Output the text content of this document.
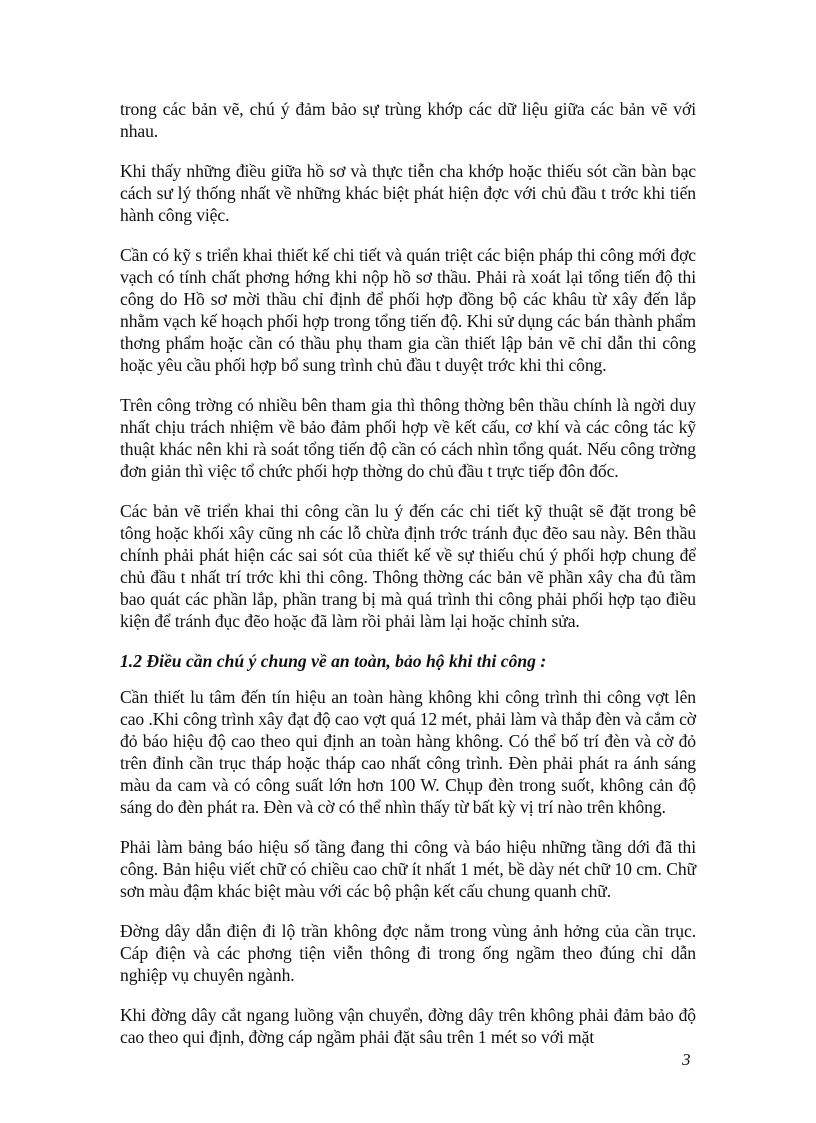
trong các bản vẽ, chú ý đảm bảo sự trùng khớp các dữ liệu giữa các bản vẽ với nhau.

Khi thấy những điều giữa hồ sơ và thực tiễn cha khớp hoặc thiếu sót cần bàn bạc cách sư lý thống nhất về những khác biệt phát hiện đợc với chủ đầu t trớc khi tiến hành công việc.

Cần có kỹ s triển khai thiết kế chi tiết và quán triệt các biện pháp thi công mới đợc vạch có tính chất phơng hớng khi nộp hồ sơ thầu. Phải rà xoát lại tổng tiến độ thi công do Hồ sơ mời thầu chỉ định để phối hợp đồng bộ các khâu từ xây đến lắp nhằm vạch kế hoạch phối hợp trong tổng tiến độ. Khi sử dụng các bán thành phẩm thơng phẩm hoặc cần có thầu phụ tham gia cần thiết lập bản vẽ chỉ dẫn thi công hoặc yêu cầu phối hợp bổ sung trình chủ đầu t duyệt trớc khi thi công.

Trên công trờng có nhiều bên tham gia thì thông thờng bên thầu chính là ngời duy nhất chịu trách nhiệm về bảo đảm phối hợp về kết cấu, cơ khí và các công tác kỹ thuật khác nên khi rà soát tổng tiến độ cần có cách nhìn tổng quát. Nếu công trờng đơn giản thì việc tổ chức phối hợp thờng do chủ đầu t trực tiếp đôn đốc.

Các bản vẽ triển khai thi công cần lu ý đến các chi tiết kỹ thuật sẽ đặt trong bê tông hoặc khối xây cũng nh các lỗ chừa định trớc tránh đục đẽo sau này. Bên thầu chính phải phát hiện các sai sót của thiết kế về sự thiếu chú ý phối hợp chung để chủ đầu t nhất trí trớc khi thi công. Thông thờng các bản vẽ phần xây cha đủ tầm bao quát các phần lắp, phần trang bị mà quá trình thi công phải phối hợp tạo điều kiện để tránh đục đẽo hoặc đã làm rồi phải làm lại hoặc chỉnh sửa.

1.2 Điều cần chú ý chung về an toàn, bảo hộ khi thi công :

Cần thiết lu tâm đến tín hiệu an toàn hàng không khi công trình thi công vợt lên cao .Khi công trình xây đạt độ cao vợt quá 12 mét, phải làm và thắp đèn và cắm cờ đỏ báo hiệu độ cao theo qui định an toàn hàng không. Có thể bố trí đèn và cờ đỏ trên đỉnh cần trục tháp hoặc tháp cao nhất công trình. Đèn phải phát ra ánh sáng màu da cam và có công suất lớn hơn 100 W. Chụp đèn trong suốt, không cản độ sáng do đèn phát ra. Đèn và cờ có thể nhìn thấy từ bất kỳ vị trí nào trên không.

Phải làm bảng báo hiệu số tầng đang thi công và báo hiệu những tầng dới đã thi công. Bản hiệu viết chữ có chiều cao chữ ít nhất 1 mét, bề dày nét chữ 10 cm. Chữ sơn màu đậm khác biệt màu với các bộ phận kết cấu chung quanh chữ.

Đờng dây dẫn điện đi lộ trần không đợc nằm trong vùng ảnh hởng của cần trục. Cáp điện và các phơng tiện viễn thông đi trong ống ngầm theo đúng chỉ dẫn nghiệp vụ chuyên ngành.

Khi đờng dây cắt ngang luồng vận chuyển, đờng dây trên không phải đảm bảo độ cao theo qui định, đờng cáp ngầm phải đặt sâu trên 1 mét so với mặt

3
